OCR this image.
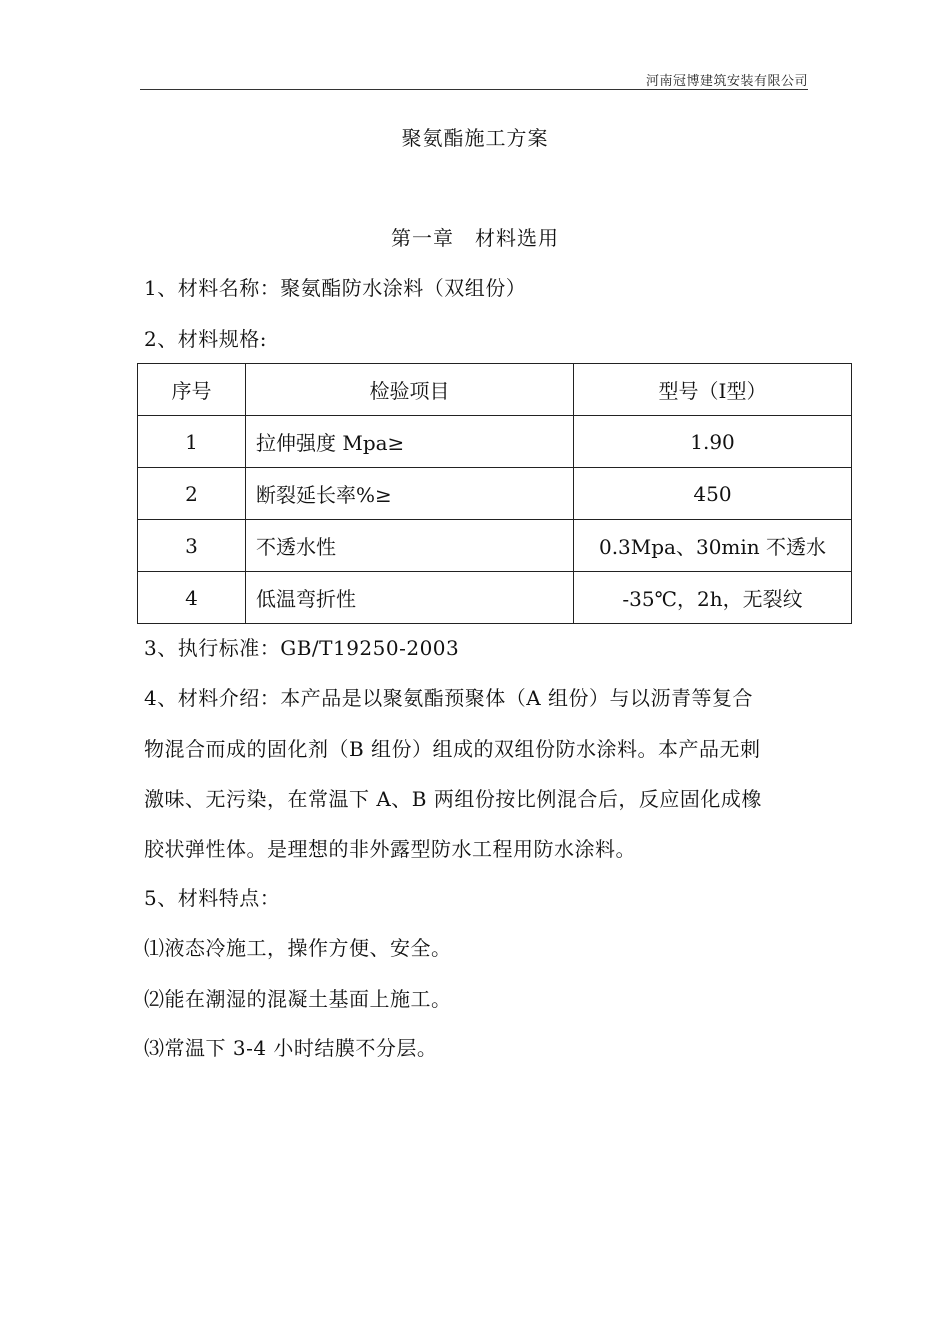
河南冠博建筑安装有限公司
聚氨酯施工方案
第一章　材料选用
1、材料名称：聚氨酯防水涂料（双组份）
2、材料规格:
序号	检验项目	型号（Ⅰ型）
1	拉伸强度 Mpa≥	1.90
2	断裂延长率%≥	450
3	不透水性	0.3Mpa、30min 不透水
4	低温弯折性	-35℃，2h，无裂纹
3、执行标准：GB/T19250-2003
4、材料介绍：本产品是以聚氨酯预聚体（A 组份）与以沥青等复合
物混合而成的固化剂（B 组份）组成的双组份防水涂料。本产品无刺
激味、无污染，在常温下 A、B 两组份按比例混合后，反应固化成橡
胶状弹性体。是理想的非外露型防水工程用防水涂料。
5、材料特点：
⑴液态冷施工，操作方便、安全。
⑵能在潮湿的混凝土基面上施工。
⑶常温下 3-4 小时结膜不分层。
